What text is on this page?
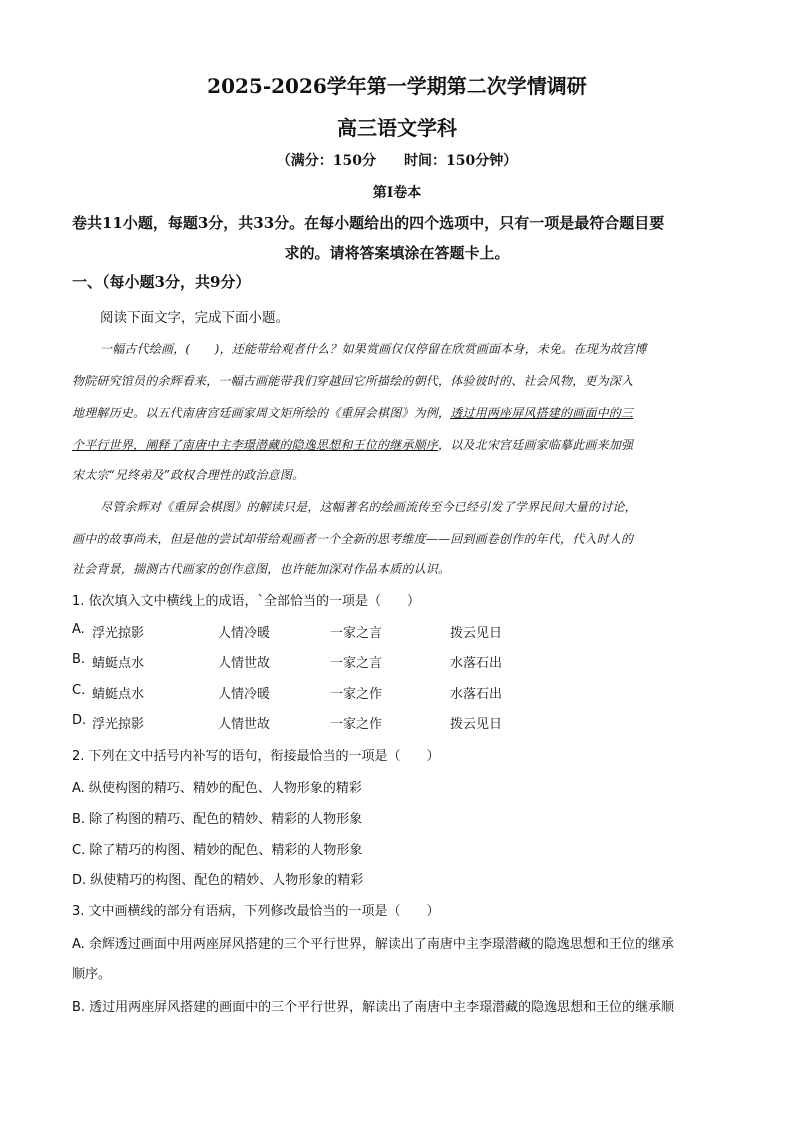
2025-2026学年第一学期第二次学情调研
高三语文学科
（满分：150分 时间：150分钟）
第Ⅰ卷本
卷共11小题，每题3分，共33分。在每小题给出的四个选项中，只有一项是最符合题目要
求的。请将答案填涂在答题卡上。
一、（每小题3分，共9分）
阅读下面文字，完成下面小题。
一幅古代绘画，(　　)，还能带给观者什么？如果赏画仅仅停留在欣赏画面本身，未免。在现为故宫博
物院研究馆员的余辉看来，一幅古画能带我们穿越回它所描绘的朝代，体验彼时的、社会风物，更为深入
地理解历史。以五代南唐宫廷画家周文矩所绘的《重屏会棋图》为例，透过用两座屏风搭建的画面中的三
个平行世界，阐释了南唐中主李璟潜藏的隐逸思想和王位的继承顺序，以及北宋宫廷画家临摹此画来加强
宋太宗“兄终弟及”政权合理性的政治意图。
尽管余辉对《重屏会棋图》的解读只是，这幅著名的绘画流传至今已经引发了学界民间大量的讨论，
画中的故事尚未，但是他的尝试却带给观画者一个全新的思考维度——回到画卷创作的年代，代入时人的
社会背景，揣测古代画家的创作意图，也许能加深对作品本质的认识。
1. 依次填入文中横线上的成语，`全部恰当的一项是（　　）
A. 浮光掠影	人情冷暖	一家之言	拨云见日
B. 蜻蜓点水	人情世故	一家之言	水落石出
C. 蜻蜓点水	人情冷暖	一家之作	水落石出
D. 浮光掠影	人情世故	一家之作	拨云见日
2. 下列在文中括号内补写的语句，衔接最恰当的一项是（　　）
A. 纵使构图的精巧、精妙的配色、人物形象的精彩
B. 除了构图的精巧、配色的精妙、精彩的人物形象
C. 除了精巧的构图、精妙的配色、精彩的人物形象
D. 纵使精巧的构图、配色的精妙、人物形象的精彩
3. 文中画横线的部分有语病，下列修改最恰当的一项是（　　）
A. 余辉透过画面中用两座屏风搭建的三个平行世界，解读出了南唐中主李璟潜藏的隐逸思想和王位的继承
顺序。
B. 透过用两座屏风搭建的画面中的三个平行世界，解读出了南唐中主李璟潜藏的隐逸思想和王位的继承顺
